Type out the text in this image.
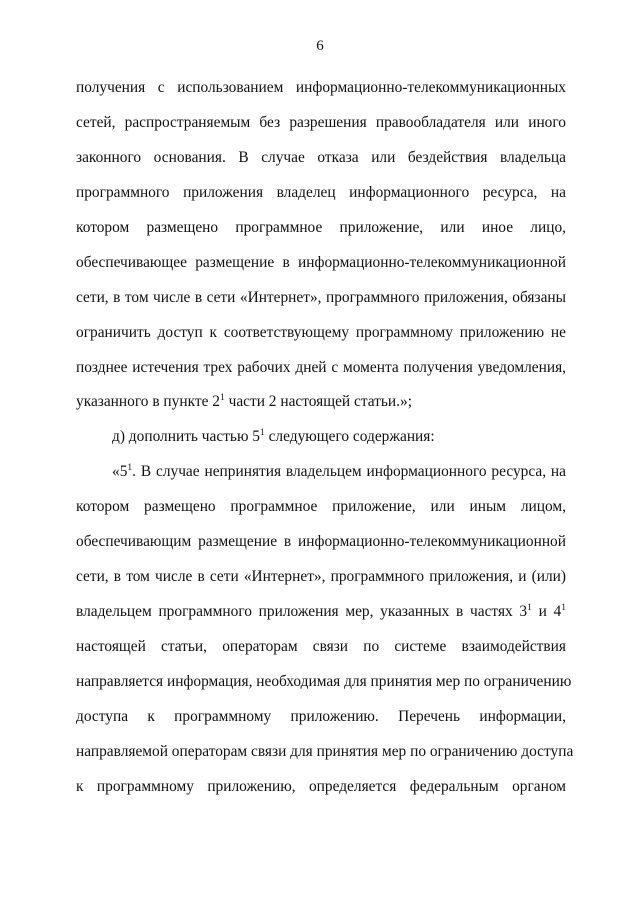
6
получения с использованием информационно-телекоммуникационных
сетей, распространяемым без разрешения правообладателя или иного
законного основания. В случае отказа или бездействия владельца
программного приложения владелец информационного ресурса, на
котором размещено программное приложение, или иное лицо,
обеспечивающее размещение в информационно-телекоммуникационной
сети, в том числе в сети «Интернет», программного приложения, обязаны
ограничить доступ к соответствующему программному приложению не
позднее истечения трех рабочих дней с момента получения уведомления,
указанного в пункте $2^1$ части 2 настоящей статьи.»;
д) дополнить частью $5^1$ следующего содержания:
«$5^1$. В случае непринятия владельцем информационного ресурса, на
котором размещено программное приложение, или иным лицом,
обеспечивающим размещение в информационно-телекоммуникационной
сети, в том числе в сети «Интернет», программного приложения, и (или)
владельцем программного приложения мер, указанных в частях $3^1$ и $4^1$
настоящей статьи, операторам связи по системе взаимодействия
направляется информация, необходимая для принятия мер по ограничению
доступа к программному приложению. Перечень информации,
направляемой операторам связи для принятия мер по ограничению доступа
к программному приложению, определяется федеральным органом
